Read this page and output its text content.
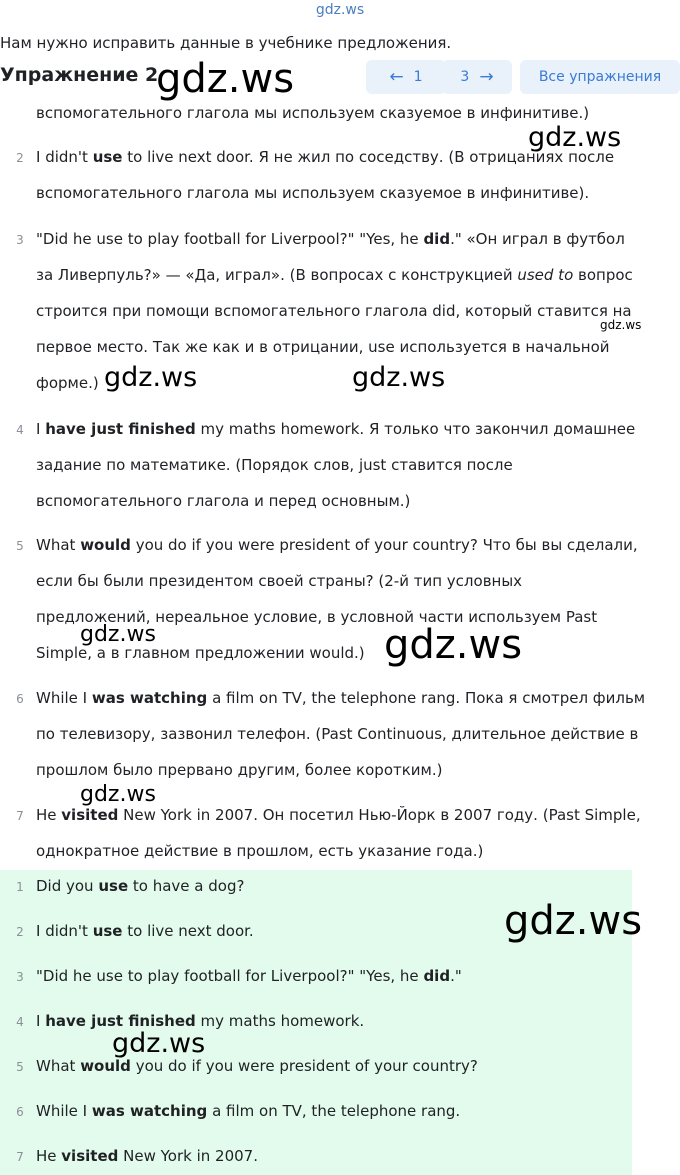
gdz.ws
Нам нужно исправить данные в учебнике предложения.
Упражнение 2	← 1	3 →	Все упражнения
вспомогательного глагола мы используем сказуемое в инфинитиве.)
2 I didn't use to live next door. Я не жил по соседству. (В отрицаниях после
вспомогательного глагола мы используем сказуемое в инфинитиве).
3 "Did he use to play football for Liverpool?" "Yes, he did." «Он играл в футбол
за Ливерпуль?» — «Да, играл». (В вопросах с конструкцией used to вопрос
строится при помощи вспомогательного глагола did, который ставится на
первое место. Так же как и в отрицании, use используется в начальной
форме.)
4 I have just finished my maths homework. Я только что закончил домашнее
задание по математике. (Порядок слов, just ставится после
вспомогательного глагола и перед основным.)
5 What would you do if you were president of your country? Что бы вы сделали,
если бы были президентом своей страны? (2-й тип условных
предложений, нереальное условие, в условной части используем Past
Simple, а в главном предложении would.)
6 While I was watching a film on TV, the telephone rang. Пока я смотрел фильм
по телевизору, зазвонил телефон. (Past Continuous, длительное действие в
прошлом было прервано другим, более коротким.)
7 He visited New York in 2007. Он посетил Нью-Йорк в 2007 году. (Past Simple,
однократное действие в прошлом, есть указание года.)
1 Did you use to have a dog?
2 I didn't use to live next door.
3 "Did he use to play football for Liverpool?" "Yes, he did."
4 I have just finished my maths homework.
5 What would you do if you were president of your country?
6 While I was watching a film on TV, the telephone rang.
7 He visited New York in 2007.
gdz.ws
gdz.ws
gdz.ws
gdz.ws	gdz.ws
gdz.ws	gdz.ws
gdz.ws
gdz.ws
gdz.ws
